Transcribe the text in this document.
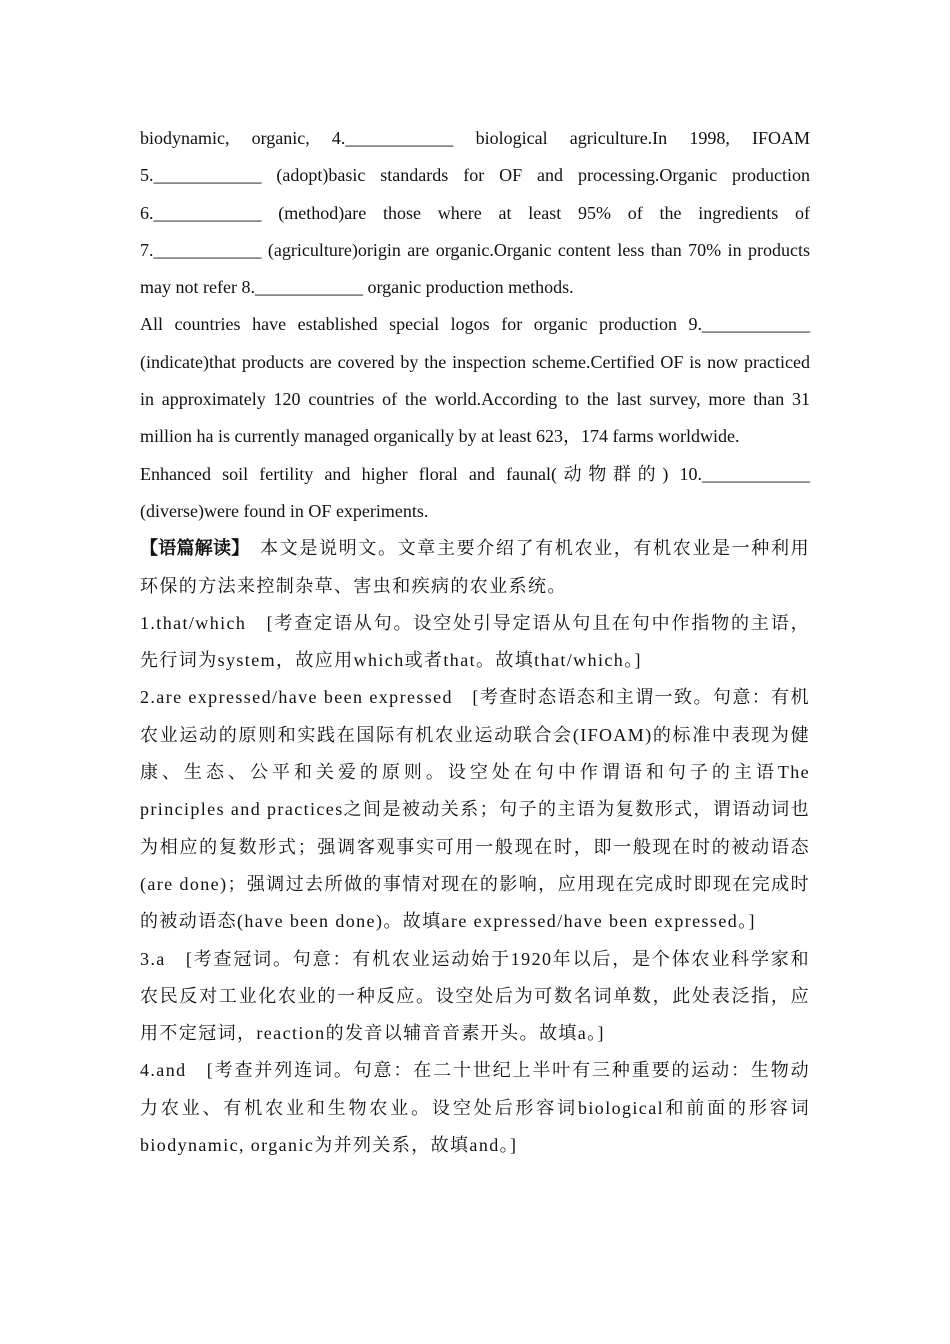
biodynamic, organic, 4.____________ biological agriculture.In 1998, IFOAM 5.____________ (adopt)basic standards for OF and processing.Organic production 6.____________ (method)are those where at least 95% of the ingredients of 7.____________ (agriculture)origin are organic.Organic content less than 70% in products may not refer 8.____________ organic production methods.

All countries have established special logos for organic production 9.____________ (indicate)that products are covered by the inspection scheme.Certified OF is now practiced in approximately 120 countries of the world.According to the last survey, more than 31 million ha is currently managed organically by at least 623，174 farms worldwide.

Enhanced soil fertility and higher floral and faunal(动物群的) 10.____________ (diverse)were found in OF experiments.

【语篇解读】　本文是说明文。文章主要介绍了有机农业，有机农业是一种利用环保的方法来控制杂草、害虫和疾病的农业系统。

1.that/which　[考查定语从句。设空处引导定语从句且在句中作指物的主语，先行词为system，故应用which或者that。故填that/which。]

2.are expressed/have been expressed　[考查时态语态和主谓一致。句意：有机农业运动的原则和实践在国际有机农业运动联合会(IFOAM)的标准中表现为健康、生态、公平和关爱的原则。设空处在句中作谓语和句子的主语The principles and practices之间是被动关系；句子的主语为复数形式，谓语动词也为相应的复数形式；强调客观事实可用一般现在时，即一般现在时的被动语态(are done)；强调过去所做的事情对现在的影响，应用现在完成时即现在完成时的被动语态(have been done)。故填are expressed/have been expressed。]

3.a　[考查冠词。句意：有机农业运动始于1920年以后，是个体农业科学家和农民反对工业化农业的一种反应。设空处后为可数名词单数，此处表泛指，应用不定冠词，reaction的发音以辅音音素开头。故填a。]

4.and　[考查并列连词。句意：在二十世纪上半叶有三种重要的运动：生物动力农业、有机农业和生物农业。设空处后形容词biological和前面的形容词biodynamic, organic为并列关系，故填and。]
